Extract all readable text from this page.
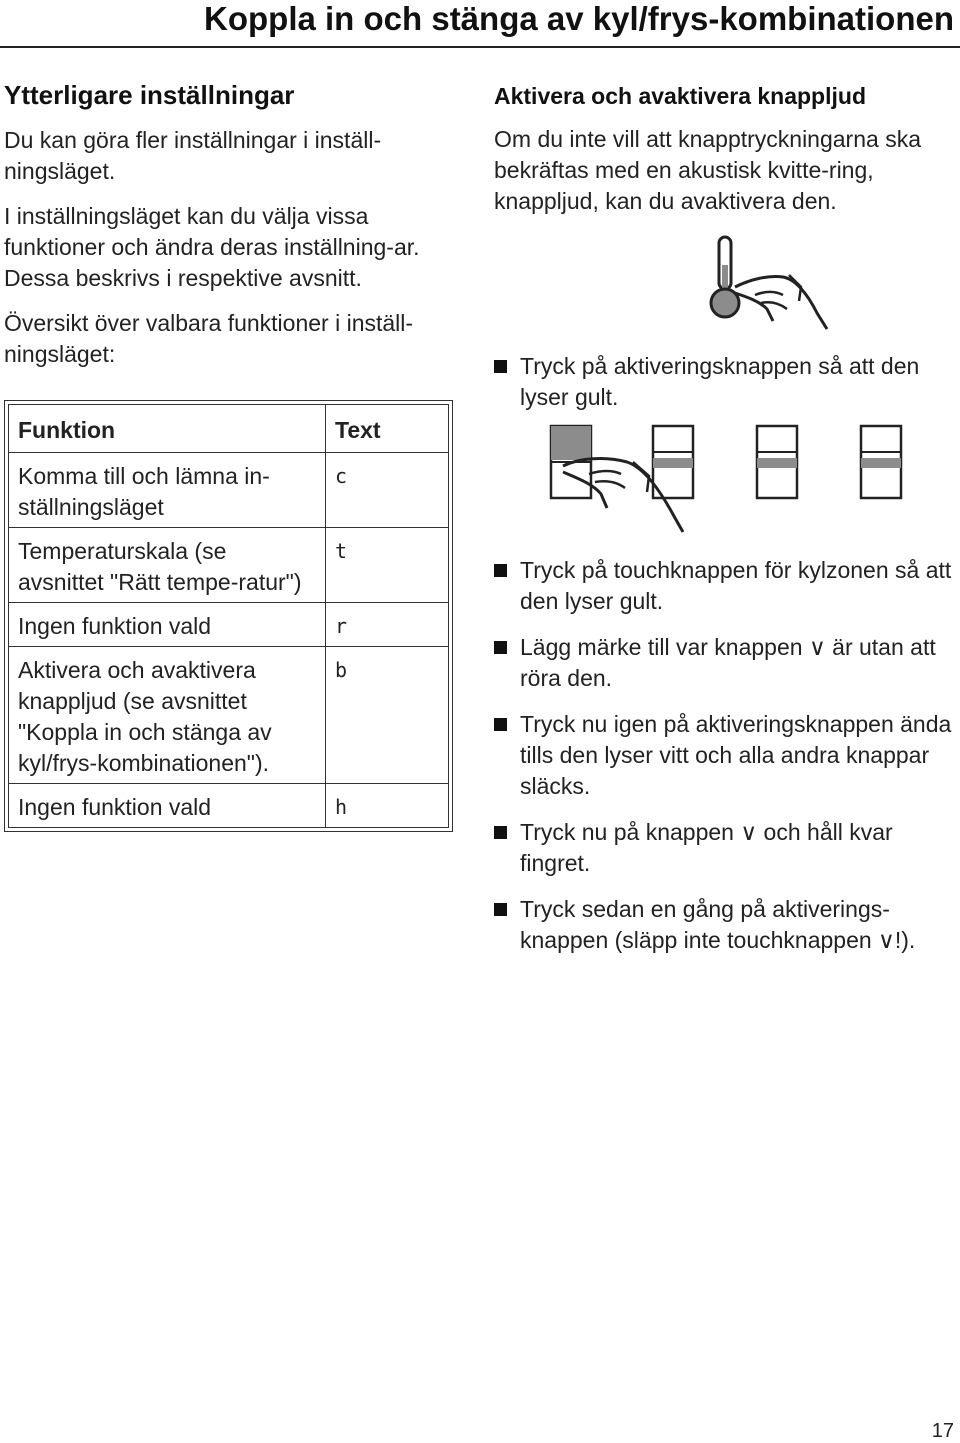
Koppla in och stänga av kyl/frys-kombinationen
Ytterligare inställningar

Du kan göra fler inställningar i inställ-ningsläget.

I inställningsläget kan du välja vissa funktioner och ändra deras inställning-ar. Dessa beskrivs i respektive avsnitt.

Översikt över valbara funktioner i inställ-ningsläget:

Funktion	Text
Komma till och lämna in-ställningsläget	c
Temperaturskala (se avsnittet "Rätt tempe-ratur")	t
Ingen funktion vald	r
Aktivera och avaktivera knappljud (se avsnittet "Koppla in och stänga av kyl/frys-kombinationen").	b
Ingen funktion vald	h
Aktivera och avaktivera knappljud

Om du inte vill att knapptryckningarna ska bekräftas med en akustisk kvitte-ring, knappljud, kan du avaktivera den.

Tryck på aktiveringsknappen så att den lyser gult.
Tryck på touchknappen för kylzonen så att den lyser gult.
Lägg märke till var knappen ∨ är utan att röra den.
Tryck nu igen på aktiveringsknappen ända tills den lyser vitt och alla andra knappar släcks.
Tryck nu på knappen ∨ och håll kvar fingret.
Tryck sedan en gång på aktiverings-knappen (släpp inte touchknappen ∨!).
17
